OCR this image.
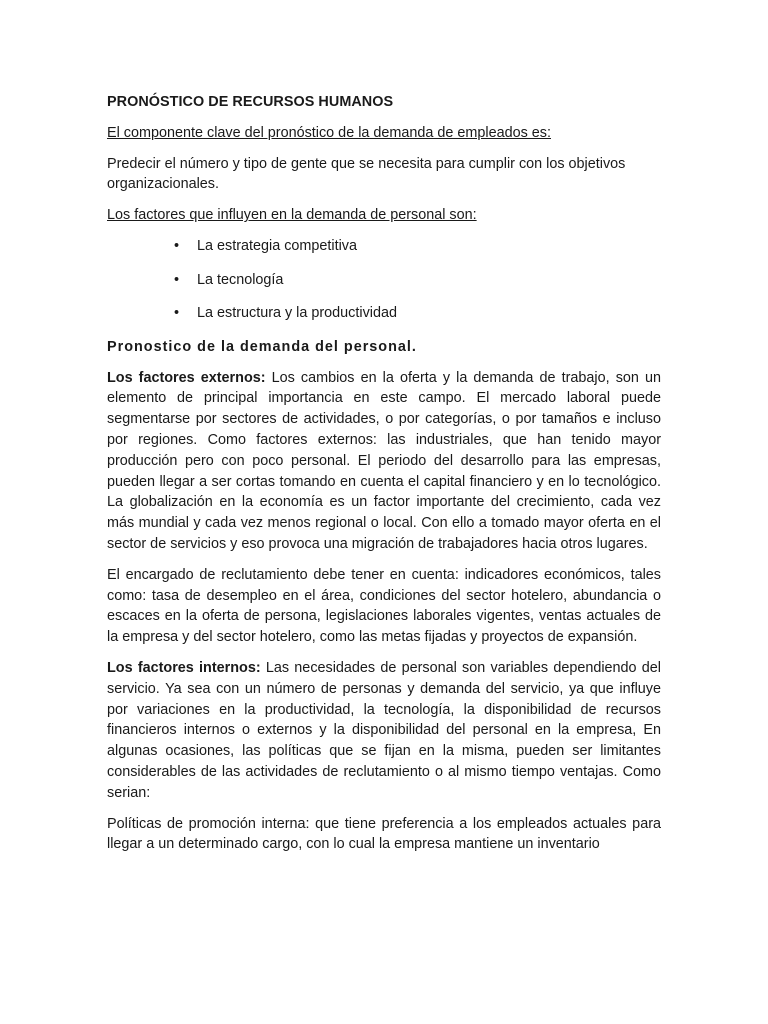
PRONÓSTICO DE RECURSOS HUMANOS
El componente clave del pronóstico de la demanda de empleados es:
Predecir el número y tipo de gente que se necesita para cumplir con los objetivos organizacionales.
Los factores que influyen en la demanda de personal son:
• La estrategia competitiva
• La tecnología
• La estructura y la productividad
Pronostico de la demanda del personal.
Los factores externos: Los cambios en la oferta y la demanda de trabajo, son un elemento de principal importancia en este campo. El mercado laboral puede segmentarse por sectores de actividades, o por categorías, o por tamaños e incluso por regiones. Como factores externos: las industriales, que han tenido mayor producción pero con poco personal. El periodo del desarrollo para las empresas, pueden llegar a ser cortas tomando en cuenta el capital financiero y en lo tecnológico. La globalización en la economía es un factor importante del crecimiento, cada vez más mundial y cada vez menos regional o local. Con ello a tomado mayor oferta en el sector de servicios y eso provoca una migración de trabajadores hacia otros lugares.
El encargado de reclutamiento debe tener en cuenta: indicadores económicos, tales como: tasa de desempleo en el área, condiciones del sector hotelero, abundancia o escaces en la oferta de persona, legislaciones laborales vigentes, ventas actuales de la empresa y del sector hotelero, como las metas fijadas y proyectos de expansión.
Los factores internos: Las necesidades de personal son variables dependiendo del servicio. Ya sea con un número de personas y demanda del servicio, ya que influye por variaciones en la productividad, la tecnología, la disponibilidad de recursos financieros internos o externos y la disponibilidad del personal en la empresa, En algunas ocasiones, las políticas que se fijan en la misma, pueden ser limitantes considerables de las actividades de reclutamiento o al mismo tiempo ventajas. Como serian:
Políticas de promoción interna: que tiene preferencia a los empleados actuales para llegar a un determinado cargo, con lo cual la empresa mantiene un inventario
